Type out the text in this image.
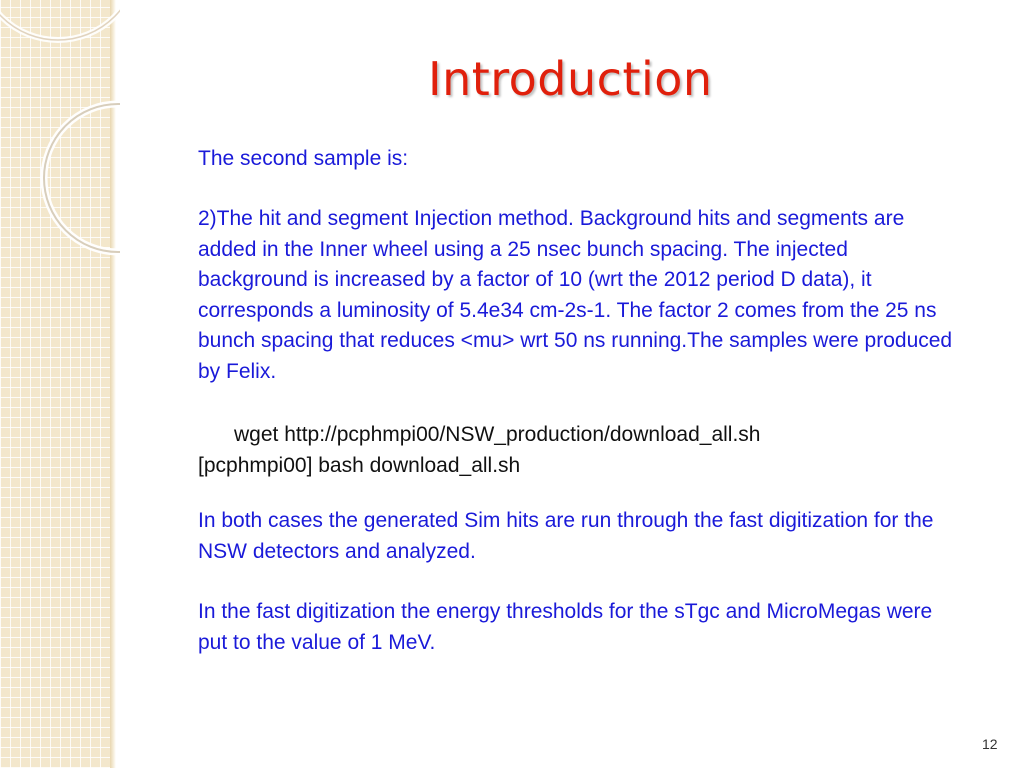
Introduction

The second sample is:

2)The hit and segment Injection method. Background hits and segments are added in the Inner wheel using a 25 nsec bunch spacing. The injected background is increased by a factor of 10 (wrt the 2012 period D data), it corresponds a luminosity of 5.4e34 cm-2s-1. The factor 2 comes from the 25 ns bunch spacing that reduces <mu> wrt 50 ns running.The samples were produced by Felix.

wget http://pcphmpi00/NSW_production/download_all.sh
[pcphmpi00] bash download_all.sh

In both cases the generated Sim hits are run through the fast digitization for the NSW detectors and analyzed.

In the fast digitization the energy thresholds for the sTgc and MicroMegas were put to the value of 1 MeV.

12
